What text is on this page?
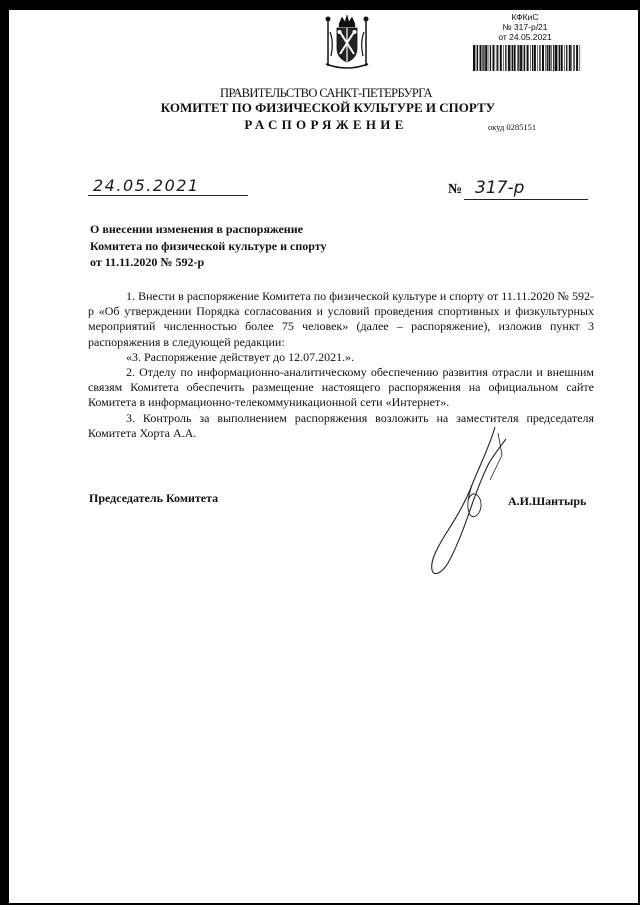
КФКиС
№ 317-р/21
от 24.05.2021
ПРАВИТЕЛЬСТВО САНКТ-ПЕТЕРБУРГА
КОМИТЕТ ПО ФИЗИЧЕСКОЙ КУЛЬТУРЕ И СПОРТУ
РАСПОРЯЖЕНИЕ	окуд 0285151
24.05.2021	№ 317-р
О внесении изменения в распоряжение
Комитета по физической культуре и спорту
от 11.11.2020 № 592-р

1. Внести в распоряжение Комитета по физической культуре и спорту от 11.11.2020 № 592-р «Об утверждении Порядка согласования и условий проведения спортивных и физкультурных мероприятий численностью более 75 человек» (далее – распоряжение), изложив пункт 3 распоряжения в следующей редакции:

«3. Распоряжение действует до 12.07.2021.».

2. Отделу по информационно-аналитическому обеспечению развития отрасли и внешним связям Комитета обеспечить размещение настоящего распоряжения на официальном сайте Комитета в информационно-телекоммуникационной сети «Интернет».

3. Контроль за выполнением распоряжения возложить на заместителя председателя Комитета Хорта А.А.

Председатель Комитета	А.И.Шантырь
